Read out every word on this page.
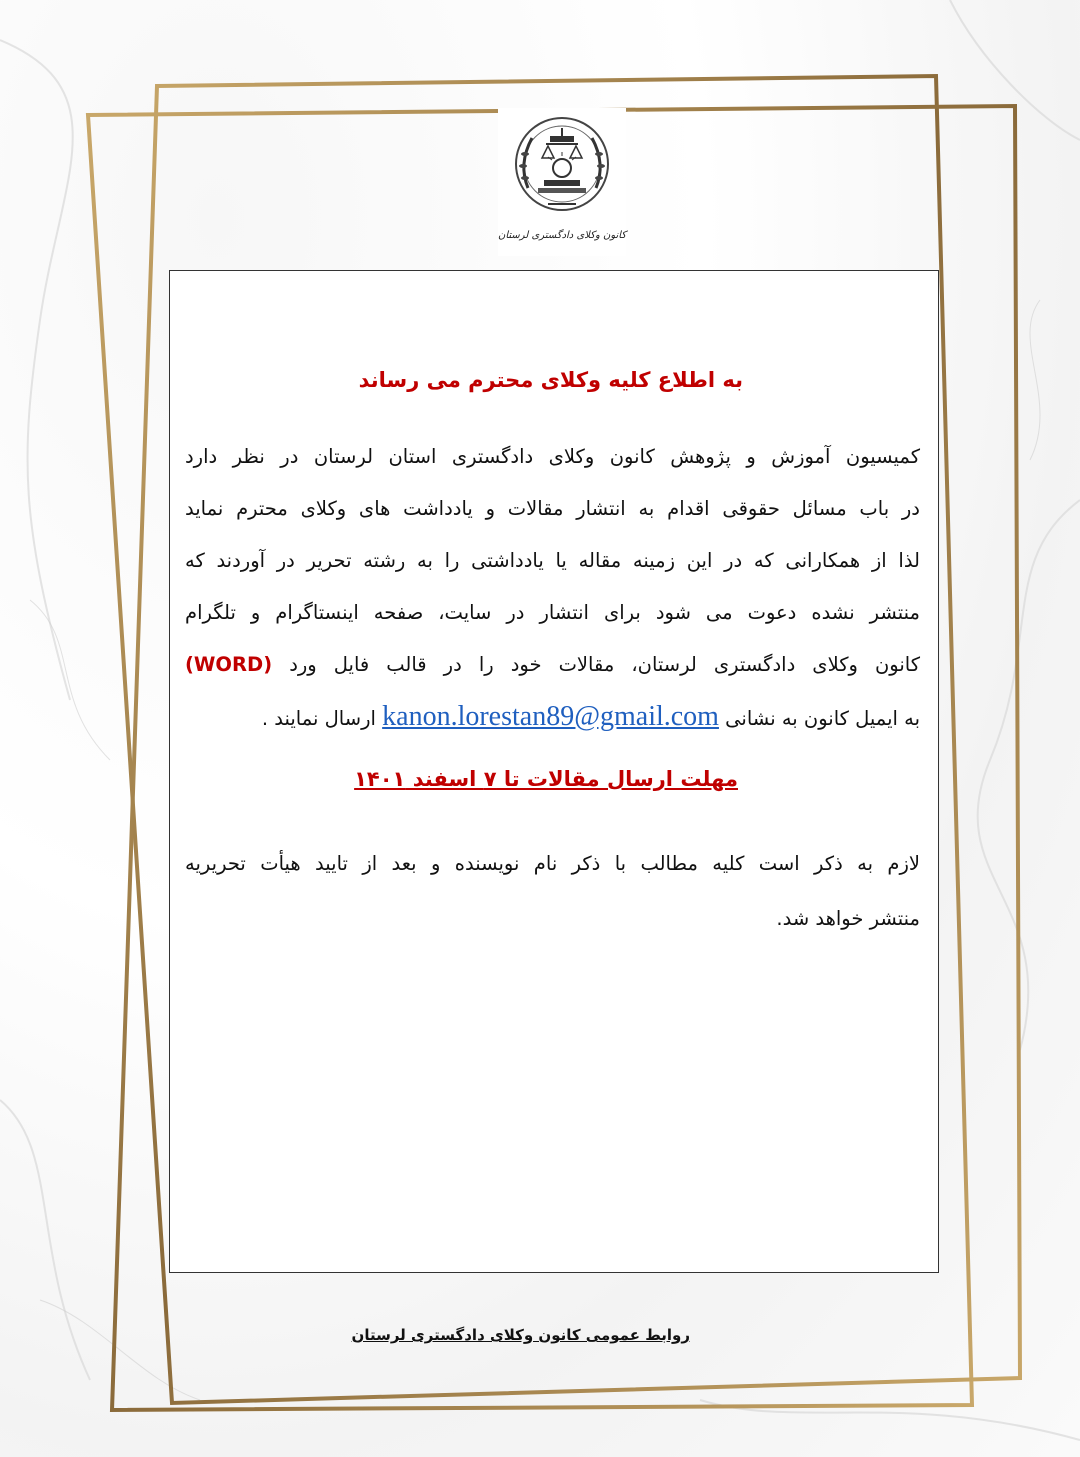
کانون وکلای دادگستری لرستان
به اطلاع کلیه وکلای محترم می رساند
کمیسیون آموزش و پژوهش کانون وکلای دادگستری استان لرستان در نظر دارد
در باب مسائل حقوقی اقدام به انتشار مقالات و یادداشت های وکلای محترم نماید
لذا از همکارانی که در این زمینه مقاله یا یادداشتی را به رشته تحریر در آوردند که
منتشر نشده دعوت می شود برای انتشار در سایت، صفحه اینستاگرام و تلگرام
کانون وکلای دادگستری لرستان، مقالات خود را در قالب فایل ورد (WORD)
به ایمیل کانون به نشانی kanon.lorestan89@gmail.com ارسال نمایند .
مهلت ارسال مقالات تا ۷ اسفند ۱۴۰۱
لازم به ذکر است کلیه مطالب با ذکر نام نویسنده و بعد از تایید هیأت تحریریه
منتشر خواهد شد.
روابط عمومی کانون وکلای دادگستری لرستان
